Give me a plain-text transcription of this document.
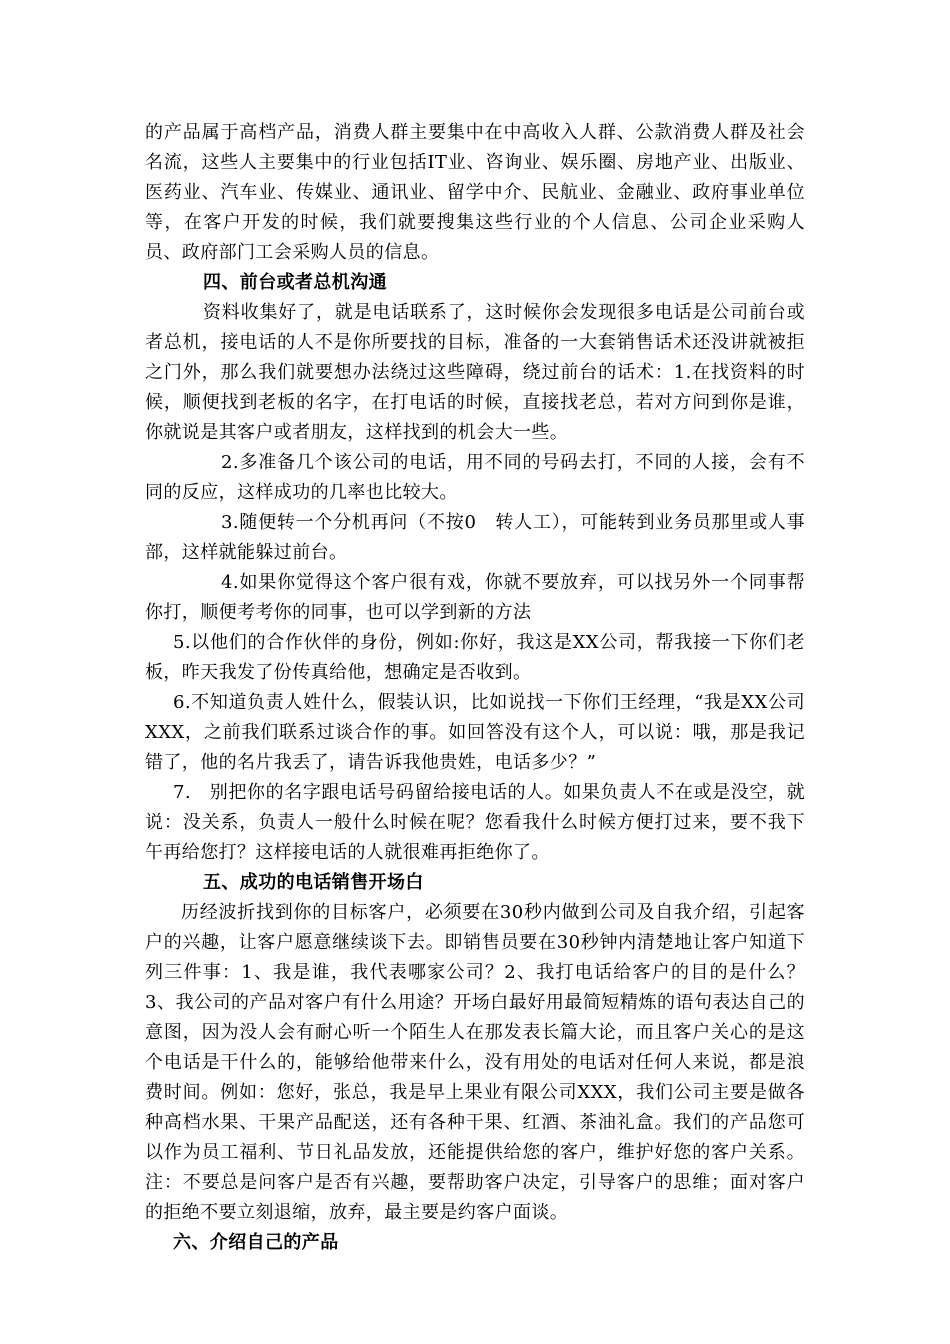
的产品属于高档产品，消费人群主要集中在中高收入人群、公款消费人群及社会名流，这些人主要集中的行业包括IT业、咨询业、娱乐圈、房地产业、出版业、医药业、汽车业、传媒业、通讯业、留学中介、民航业、金融业、政府事业单位等，在客户开发的时候，我们就要搜集这些行业的个人信息、公司企业采购人员、政府部门工会采购人员的信息。

四、前台或者总机沟通

资料收集好了，就是电话联系了，这时候你会发现很多电话是公司前台或者总机，接电话的人不是你所要找的目标，准备的一大套销售话术还没讲就被拒之门外，那么我们就要想办法绕过这些障碍，绕过前台的话术：1.在找资料的时候，顺便找到老板的名字，在打电话的时候，直接找老总，若对方问到你是谁，你就说是其客户或者朋友，这样找到的机会大一些。

2.多准备几个该公司的电话，用不同的号码去打，不同的人接，会有不同的反应，这样成功的几率也比较大。

3.随便转一个分机再问（不按0　转人工），可能转到业务员那里或人事部，这样就能躲过前台。

4.如果你觉得这个客户很有戏，你就不要放弃，可以找另外一个同事帮你打，顺便考考你的同事，也可以学到新的方法

5.以他们的合作伙伴的身份，例如:你好，我这是XX公司，帮我接一下你们老板，昨天我发了份传真给他，想确定是否收到。

6.不知道负责人姓什么，假装认识，比如说找一下你们王经理，“我是XX公司XXX，之前我们联系过谈合作的事。如回答没有这个人，可以说：哦，那是我记错了，他的名片我丢了，请告诉我他贵姓，电话多少？”

7.　别把你的名字跟电话号码留给接电话的人。如果负责人不在或是没空，就说：没关系，负责人一般什么时候在呢？您看我什么时候方便打过来，要不我下午再给您打？这样接电话的人就很难再拒绝你了。

五、成功的电话销售开场白

历经波折找到你的目标客户，必须要在30秒内做到公司及自我介绍，引起客户的兴趣，让客户愿意继续谈下去。即销售员要在30秒钟内清楚地让客户知道下列三件事：1、我是谁，我代表哪家公司？2、我打电话给客户的目的是什么？3、我公司的产品对客户有什么用途？开场白最好用最简短精炼的语句表达自己的意图，因为没人会有耐心听一个陌生人在那发表长篇大论，而且客户关心的是这个电话是干什么的，能够给他带来什么，没有用处的电话对任何人来说，都是浪费时间。例如：您好，张总，我是早上果业有限公司XXX，我们公司主要是做各种高档水果、干果产品配送，还有各种干果、红酒、茶油礼盒。我们的产品您可以作为员工福利、节日礼品发放，还能提供给您的客户，维护好您的客户关系。注：不要总是问客户是否有兴趣，要帮助客户决定，引导客户的思维；面对客户的拒绝不要立刻退缩，放弃，最主要是约客户面谈。

六、介绍自己的产品
